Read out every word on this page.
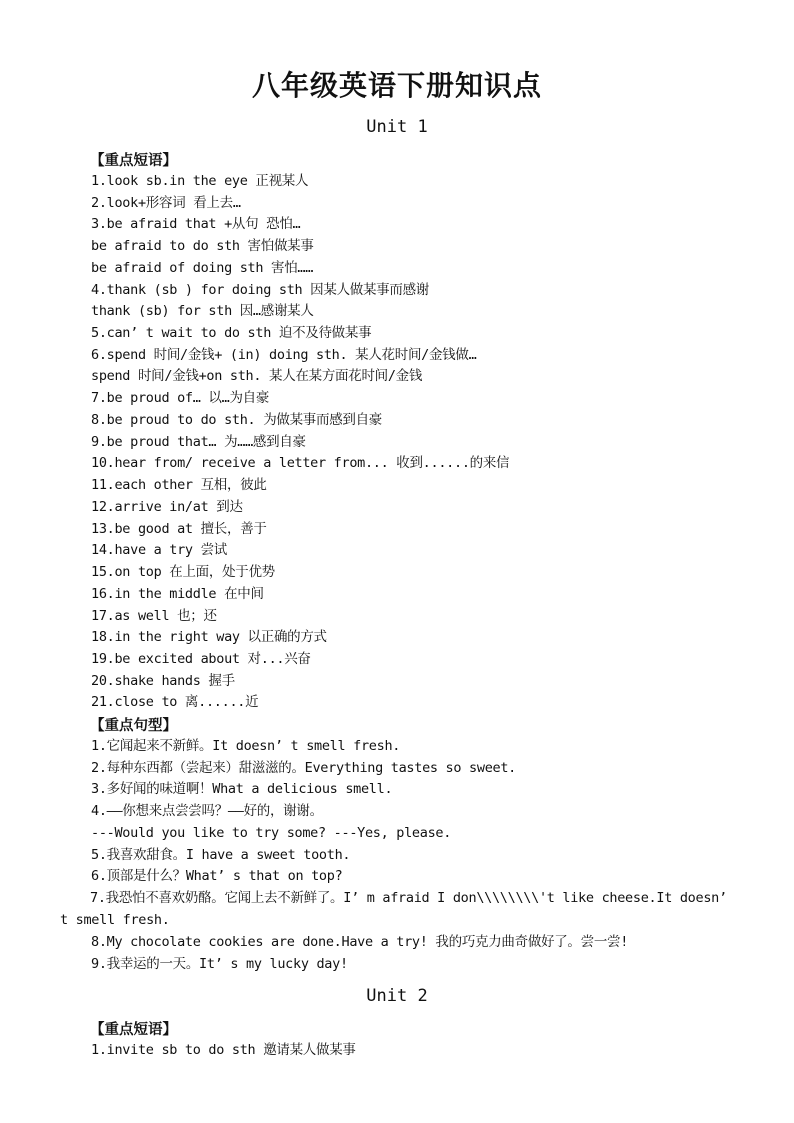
八年级英语下册知识点
Unit 1
【重点短语】
1.look sb.in the eye 正视某人
2.look+形容词 看上去…
3.be afraid that +从句 恐怕…
be afraid to do sth 害怕做某事
be afraid of doing sth 害怕……
4.thank (sb ) for doing sth 因某人做某事而感谢
thank (sb) for sth 因…感谢某人
5.can’ t wait to do sth 迫不及待做某事
6.spend 时间/金钱+ (in) doing sth. 某人花时间/金钱做…
spend 时间/金钱+on sth. 某人在某方面花时间/金钱
7.be proud of… 以…为自豪
8.be proud to do sth. 为做某事而感到自豪
9.be proud that… 为……感到自豪
10.hear from/ receive a letter from... 收到......的来信
11.each other 互相，彼此
12.arrive in/at 到达
13.be good at 擅长，善于
14.have a try 尝试
15.on top 在上面，处于优势
16.in the middle 在中间
17.as well 也；还
18.in the right way 以正确的方式
19.be excited about 对...兴奋
20.shake hands 握手
21.close to 离......近
【重点句型】
1.它闻起来不新鲜。It doesn’ t smell fresh.
2.每种东西都（尝起来）甜滋滋的。Everything tastes so sweet.
3.多好闻的味道啊！What a delicious smell.
4.——你想来点尝尝吗？——好的，谢谢。
---Would you like to try some? ---Yes, please.
5.我喜欢甜食。I have a sweet tooth.
6.顶部是什么？What’ s that on top?
7.我恐怕不喜欢奶酪。它闻上去不新鲜了。I’ m afraid I don\\\\\\\\'t like cheese.It doesn’ t smell fresh.
8.My chocolate cookies are done.Have a try! 我的巧克力曲奇做好了。尝一尝!
9.我幸运的一天。It’ s my lucky day!
Unit 2
【重点短语】
1.invite sb to do sth 邀请某人做某事
